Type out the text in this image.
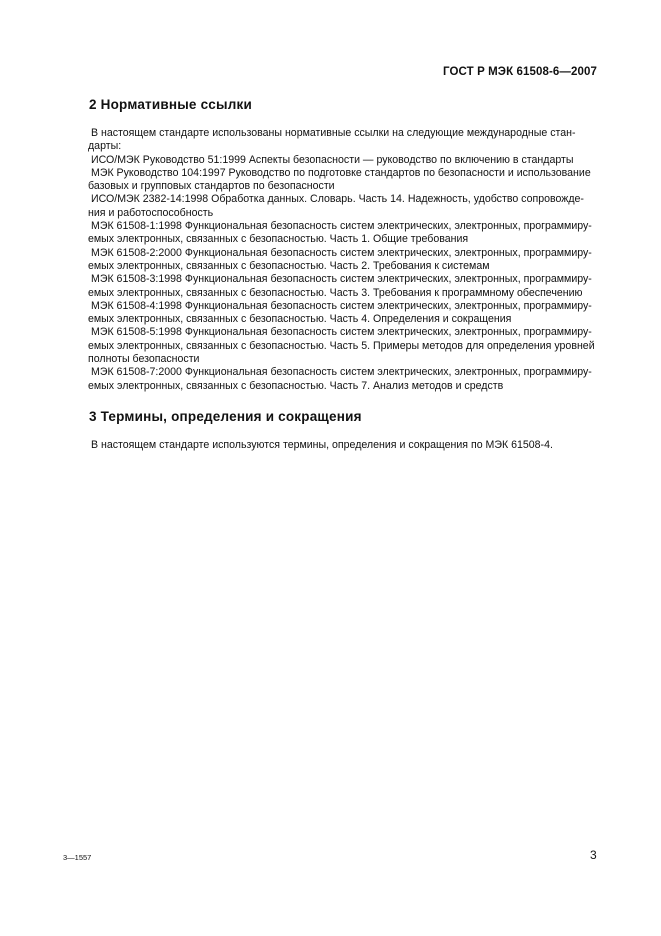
ГОСТ Р МЭК 61508-6—2007
2 Нормативные ссылки

В настоящем стандарте использованы нормативные ссылки на следующие международные стан-
дарты:

ИСО/МЭК Руководство 51:1999 Аспекты безопасности — руководство по включению в стандарты

МЭК Руководство 104:1997 Руководство по подготовке стандартов по безопасности и использование
базовых и групповых стандартов по безопасности

ИСО/МЭК 2382-14:1998 Обработка данных. Словарь. Часть 14. Надежность, удобство сопровожде-
ния и работоспособность

МЭК 61508-1:1998 Функциональная безопасность систем электрических, электронных, программиру-
емых электронных, связанных с безопасностью. Часть 1. Общие требования

МЭК 61508-2:2000 Функциональная безопасность систем электрических, электронных, программиру-
емых электронных, связанных с безопасностью. Часть 2. Требования к системам

МЭК 61508-3:1998 Функциональная безопасность систем электрических, электронных, программиру-
емых электронных, связанных с безопасностью. Часть 3. Требования к программному обеспечению

МЭК 61508-4:1998 Функциональная безопасность систем электрических, электронных, программиру-
емых электронных, связанных с безопасностью. Часть 4. Определения и сокращения

МЭК 61508-5:1998 Функциональная безопасность систем электрических, электронных, программиру-
емых электронных, связанных с безопасностью. Часть 5. Примеры методов для определения уровней
полноты безопасности

МЭК 61508-7:2000 Функциональная безопасность систем электрических, электронных, программиру-
емых электронных, связанных с безопасностью. Часть 7. Анализ методов и средств

3 Термины, определения и сокращения

В настоящем стандарте используются термины, определения и сокращения по МЭК 61508-4.

3—1557	3
